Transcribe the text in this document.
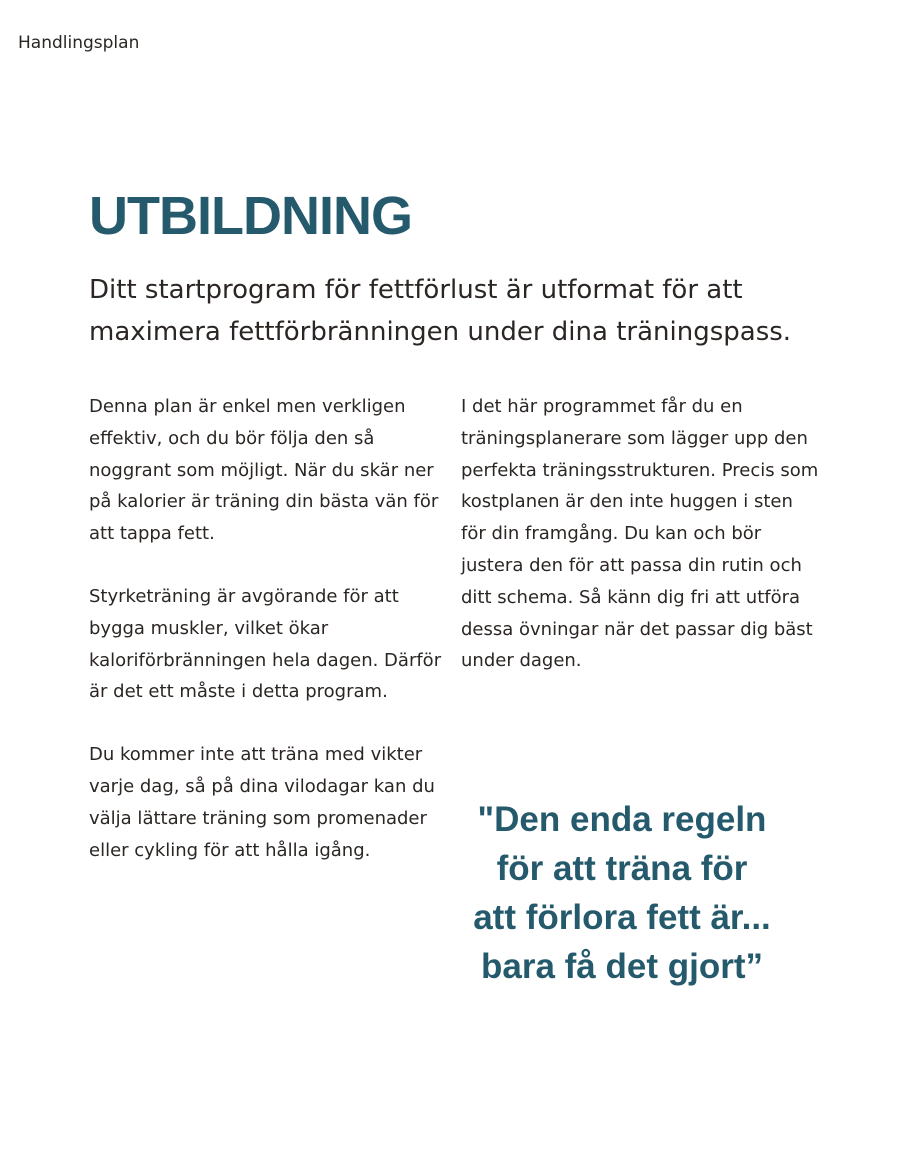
Handlingsplan
UTBILDNING

Ditt startprogram för fettförlust är utformat för att maximera fettförbränningen under dina träningspass.

Denna plan är enkel men verkligen effektiv, och du bör följa den så noggrant som möjligt. När du skär ner på kalorier är träning din bästa vän för att tappa fett.

Styrketräning är avgörande för att bygga muskler, vilket ökar kaloriförbränningen hela dagen. Därför är det ett måste i detta program.

Du kommer inte att träna med vikter varje dag, så på dina vilodagar kan du välja lättare träning som promenader eller cykling för att hålla igång.

I det här programmet får du en träningsplanerare som lägger upp den perfekta träningsstrukturen. Precis som kostplanen är den inte huggen i sten för din framgång. Du kan och bör justera den för att passa din rutin och ditt schema. Så känn dig fri att utföra dessa övningar när det passar dig bäst under dagen.

"Den enda regeln
för att träna för
att förlora fett är...
bara få det gjort”
